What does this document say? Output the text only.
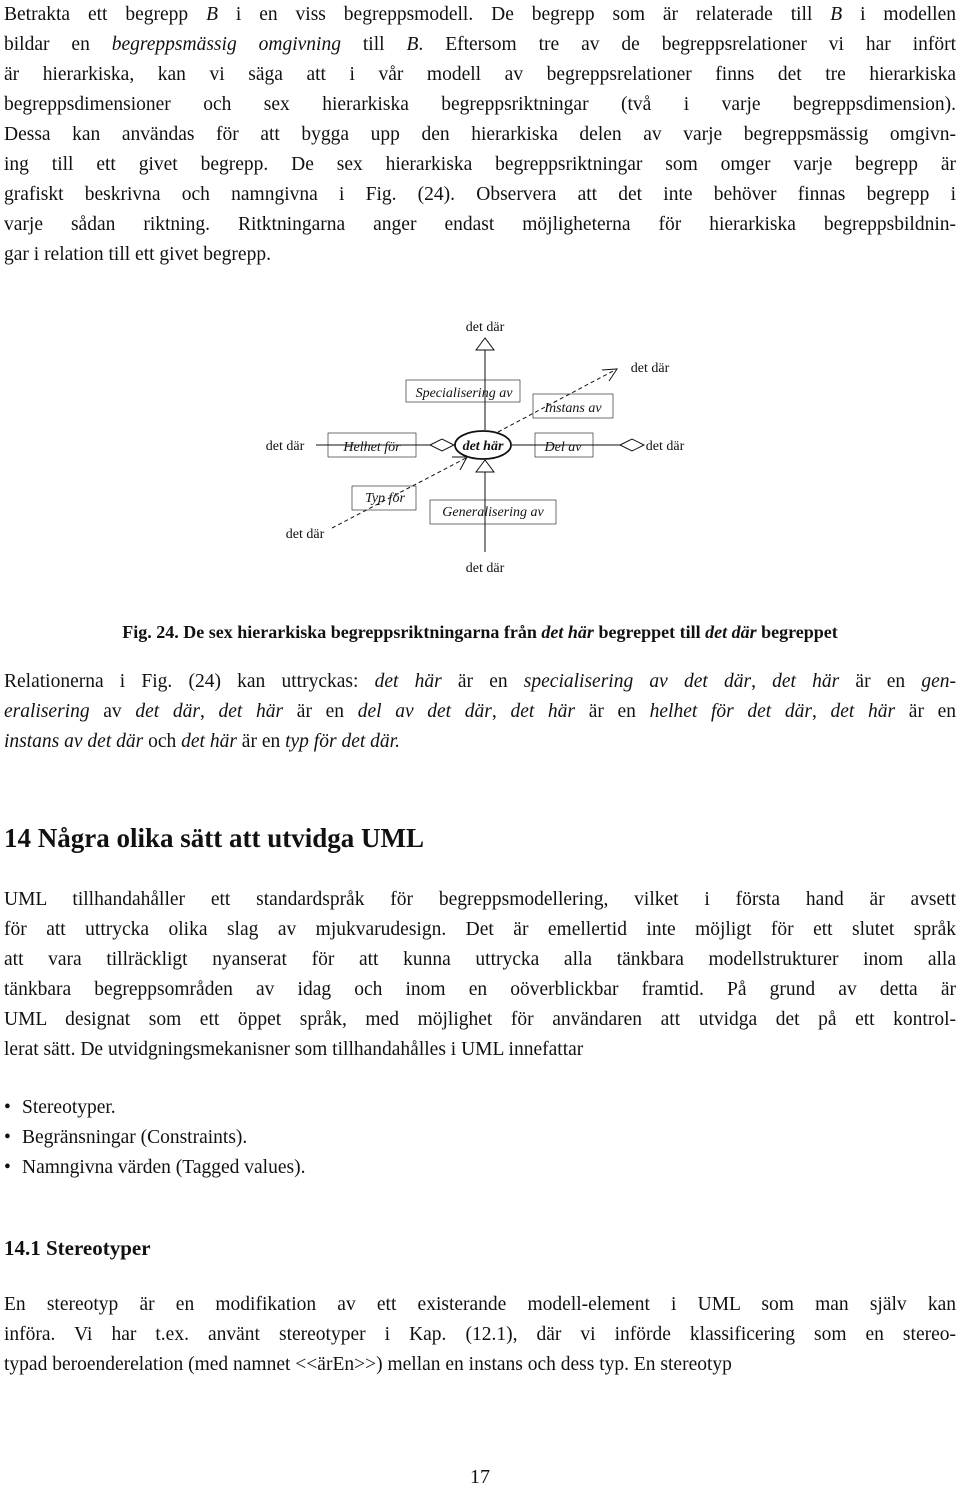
Betrakta ett begrepp B i en viss begreppsmodell. De begrepp som är relaterade till B i modellen
bildar en begreppsmässig omgivning till B. Eftersom tre av de begreppsrelationer vi har infört
är hierarkiska, kan vi säga att i vår modell av begreppsrelationer finns det tre hierarkiska
begreppsdimensioner och sex hierarkiska begreppsriktningar (två i varje begreppsdimension).
Dessa kan användas för att bygga upp den hierarkiska delen av varje begreppsmässig omgivn-
ing till ett givet begrepp. De sex hierarkiska begreppsriktningar som omger varje begrepp är
grafiskt beskrivna och namngivna i Fig. (24). Observera att det inte behöver finnas begrepp i
varje sådan riktning. Ritktningarna anger endast möjligheterna för hierarkiska begreppsbildnin-
gar i relation till ett givet begrepp.
det där
Specialisering av
det där
Instans av
det här
det där	Helhet för	det där
Del av
det där
Typ för
Generalisering av
det där
Fig. 24. De sex hierarkiska begreppsriktningarna från det här begreppet till det där begreppet
Relationerna i Fig. (24) kan uttryckas: det här är en specialisering av det där, det här är en gen-
eralisering av det där, det här är en del av det där, det här är en helhet för det där, det här är en
instans av det där och det här är en typ för det där.
14 Några olika sätt att utvidga UML
UML tillhandahåller ett standardspråk för begreppsmodellering, vilket i första hand är avsett
för att uttrycka olika slag av mjukvarudesign. Det är emellertid inte möjligt för ett slutet språk
att vara tillräckligt nyanserat för att kunna uttrycka alla tänkbara modellstrukturer inom alla
tänkbara begreppsområden av idag och inom en oöverblickbar framtid. På grund av detta är
UML designat som ett öppet språk, med möjlighet för användaren att utvidga det på ett kontrol-
lerat sätt. De utvidgningsmekanisner som tillhandahålles i UML innefattar
• Stereotyper.
• Begränsningar (Constraints).
• Namngivna värden (Tagged values).
14.1 Stereotyper
En stereotyp är en modifikation av ett existerande modell-element i UML som man själv kan
införa. Vi har t.ex. använt stereotyper i Kap. (12.1), där vi införde klassificering som en stereo-
typad beroenderelation (med namnet <<ärEn>>) mellan en instans och dess typ. En stereotyp
17
